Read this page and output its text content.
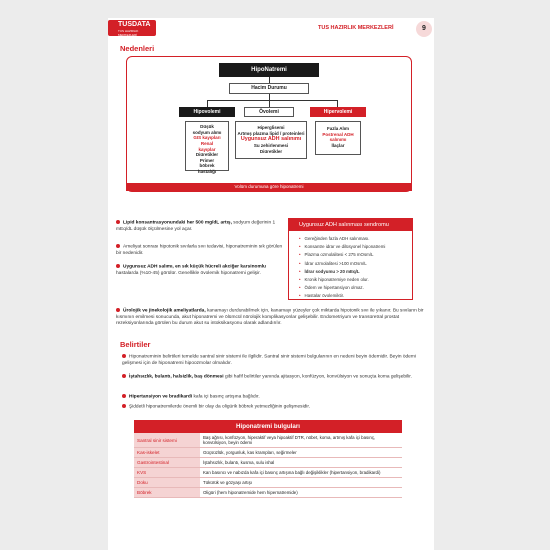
TUSDATA
TUS HAZIRLIK MERKEZLERİ
TUS HAZIRLIK MERKEZLERİ	9
Nedenleri
HipoNatremi
Hacim Durumu
Hipovolemi	Övolemi	Hipervolemi
Düşük
sodyum alımı
GIS kayıpları
Renal
kayıplar
Diüretikler
Primer
böbrek
hastalığı
Hiperglisemi
Artmış plazma lipid / proteinleri
Uygunsuz ADH salınımı
Su zehirlenmesi
Diüretikler
Fazla Alım
Postrenal ADH
salınımı
İlaçlar
Volüm durumuna göre hiponatremi
Lipid konsantrasyonundaki her 500 mg/dL artış, sodyum değerinin 1 mEq/dL düşük ölçülmesine yol açar.
Ameliyat sonrası hipotonik sıvılarla sıvı tedavisi, hiponatreminin sık görülen bir nedenidir.
Uygunsuz ADH salımı, en sık küçük hücreli akciğer karsinomlu hastalarda (%10-45) görülür. Genellikle övolemik hiponatremi gelişir.
Uygunsuz ADH salınması sendromu
• Gereğinden fazla ADH salınması.
• Konsantre idrar ve dilüsyonel hiponatremi
• Plazma ozmolalitesi < 275 mOsm/L
• İdrar ozmolalitesi >100 mOsm/L
• İdrar sodyumu > 20 mEq/L
• Kronik hiponatremiye neden olur.
• Ödem ve hipertansiyon olmaz.
• Hastalar övolemiktir.
Ürolojik ve jinekolojik ameliyatlarda, kanamayı durdurabilmek için, kanamayı yüzeyler çok miktarda hipotonik sıvı ile yıkanır. Bu sıvıların bir kısmının emilmesi sonucunda, akut hiponatremi ve ölümcül nörolojik komplikasyonlar gelişebilir. Endometriyum ve transüretral prostat rezeksiyonlarında görülen bu durum akut su intoksikasyonu olarak adlandırılır.
Belirtiler
Hiponatreminin belirtileri temelde santral sinir sistemi ile ilgilidir. Santral sinir sistemi bulgularının en nedeni beyin ödemidir. Beyin ödemi gelişmesi için de hiponatremi hipoozmolar olmalıdır.
İştahsızlık, bulantı, halsizlik, baş dönmesi gibi hafif belirtiler yanında ajitasyon, konfüzyon, konvülsiyon ve sonuçta koma gelişebilir.
Hipertansiyon ve bradikardi kafa içi basınç artışına bağlıdır.
Şiddetli hiponatremilerde önemli bir olay da oligürik böbrek yetmezliğinin gelişmesidir.
Hiponatremi bulguları	
Santral sinir sistemi	Baş ağrısı, konfüzyon, hiperaktif veya hipoaktif DTR, nöbet, koma, artmış kafa içi basınç, konvülsiyon, beyin ödemi
Kas-iskelet	Güçsüzlük, yorgunluk, kas krampları, seğirmeler
Gastrointestinal	İştahsızlık, bulantı, kusma, sulu ishal
KVS	Kan basıncı ve nabızda kafa içi basınç artışına bağlı değişiklikler (hipertansiyon, bradikardi)
Doku	Tükürük ve gözyaşı artışı
Böbrek	Oligüri (hem hiponatremide hem hipernatremide)
